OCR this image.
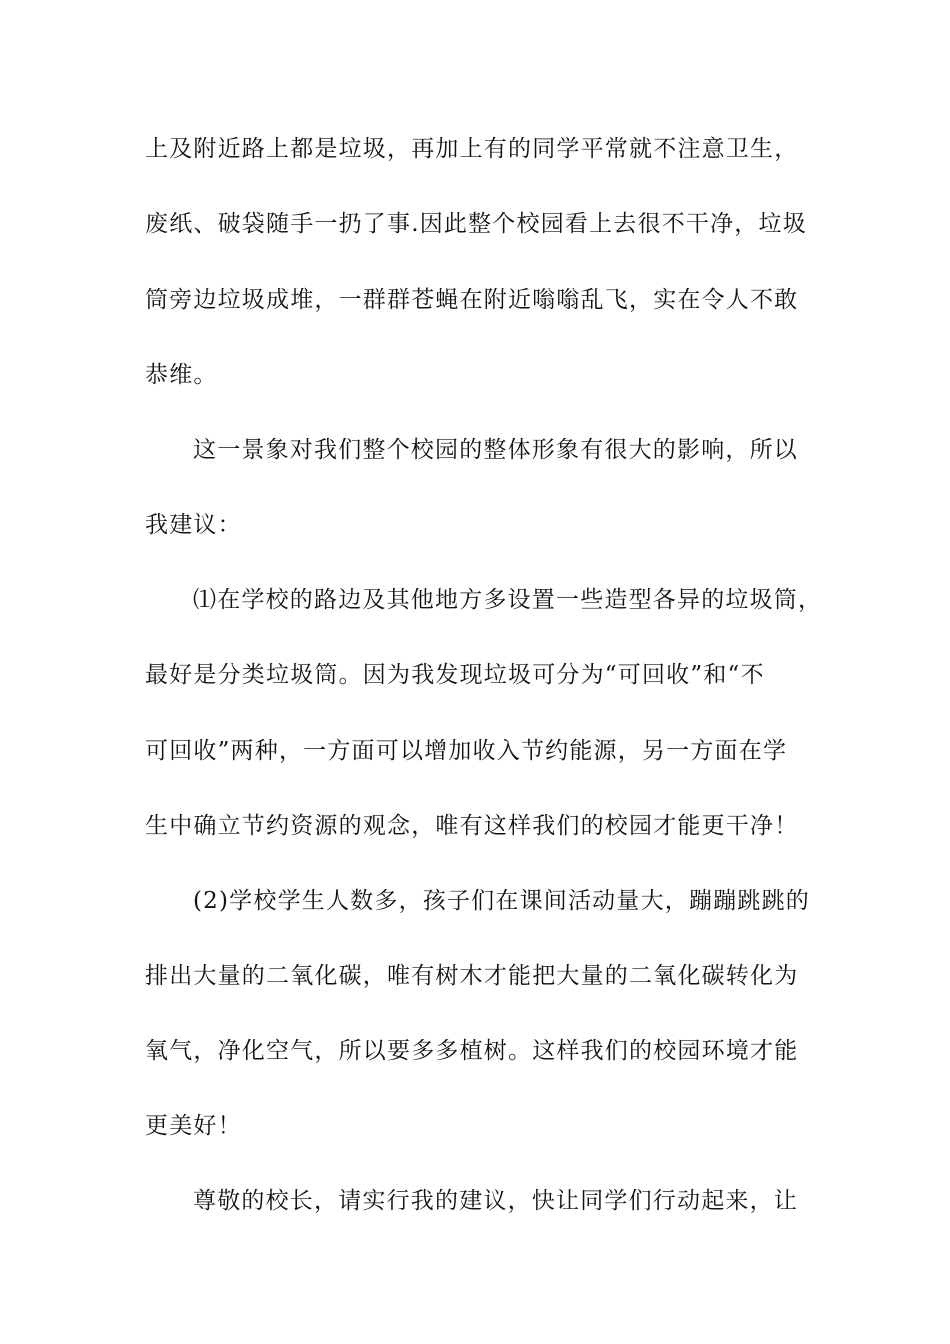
上及附近路上都是垃圾，再加上有的同学平常就不注意卫生，
废纸、破袋随手一扔了事.因此整个校园看上去很不干净，垃圾
筒旁边垃圾成堆，一群群苍蝇在附近嗡嗡乱飞，实在令人不敢
恭维。
这一景象对我们整个校园的整体形象有很大的影响，所以
我建议：
⑴在学校的路边及其他地方多设置一些造型各异的垃圾筒，
最好是分类垃圾筒。因为我发现垃圾可分为“可回收”和“不
可回收”两种，一方面可以增加收入节约能源，另一方面在学
生中确立节约资源的观念，唯有这样我们的校园才能更干净！
(2)学校学生人数多，孩子们在课间活动量大，蹦蹦跳跳的
排出大量的二氧化碳，唯有树木才能把大量的二氧化碳转化为
氧气，净化空气，所以要多多植树。这样我们的校园环境才能
更美好！
尊敬的校长，请实行我的建议，快让同学们行动起来，让
